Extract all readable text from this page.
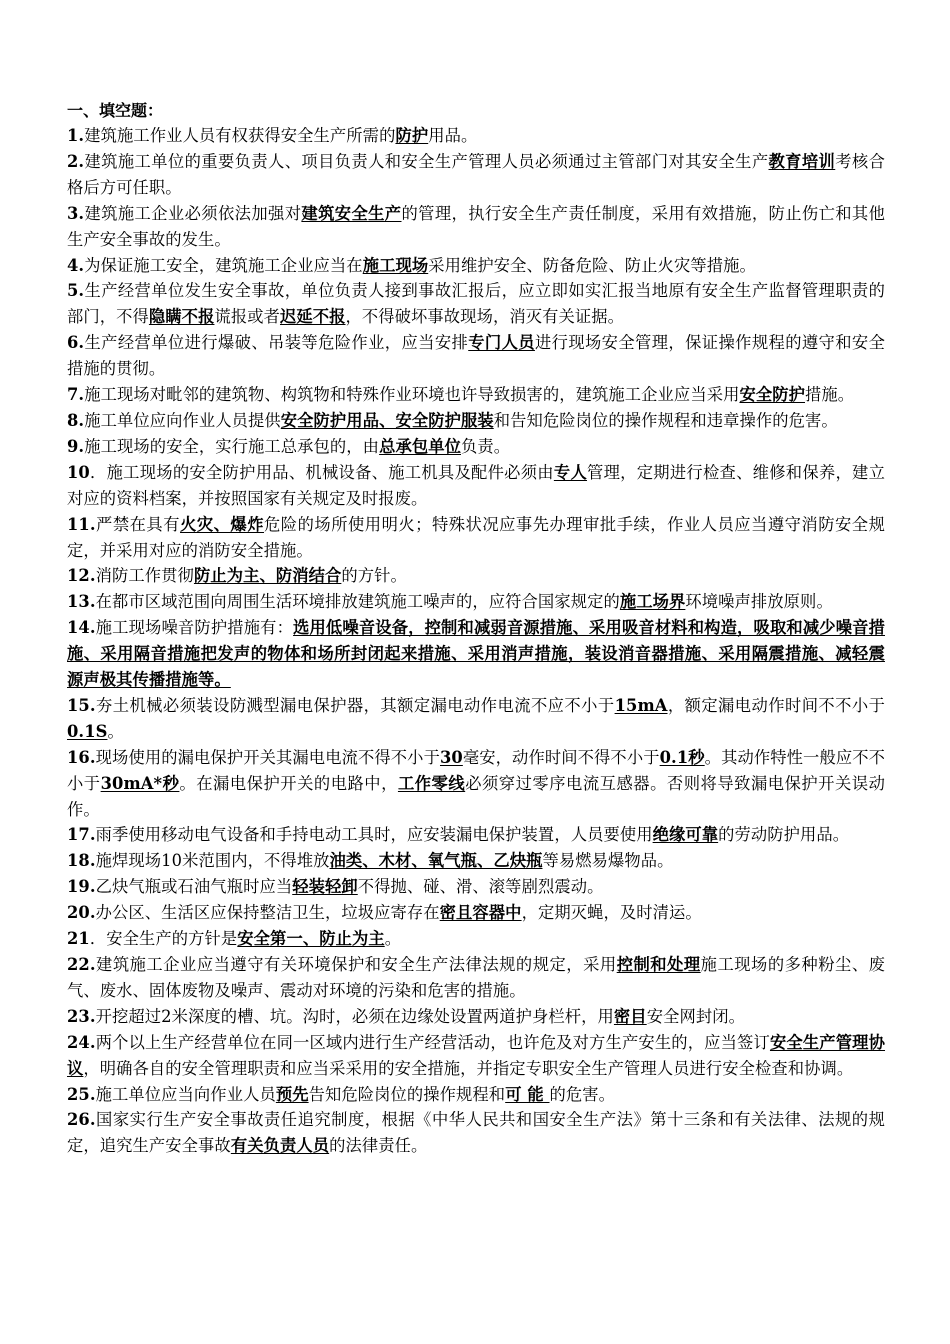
一、填空题：
1.建筑施工作业人员有权获得安全生产所需的防护用品。
2.建筑施工单位的重要负责人、项目负责人和安全生产管理人员必须通过主管部门对其安全生产教育培训考核合格后方可任职。
3.建筑施工企业必须依法加强对建筑安全生产的管理，执行安全生产责任制度，采用有效措施，防止伤亡和其他生产安全事故的发生。
4.为保证施工安全，建筑施工企业应当在施工现场采用维护安全、防备危险、防止火灾等措施。
5.生产经营单位发生安全事故，单位负责人接到事故汇报后，应立即如实汇报当地原有安全生产监督管理职责的部门，不得隐瞒不报谎报或者迟延不报，不得破坏事故现场，消灭有关证据。
6.生产经营单位进行爆破、吊装等危险作业，应当安排专门人员进行现场安全管理，保证操作规程的遵守和安全措施的贯彻。
7.施工现场对毗邻的建筑物、构筑物和特殊作业环境也许导致损害的，建筑施工企业应当采用安全防护措施。
8.施工单位应向作业人员提供安全防护用品、安全防护服装和告知危险岗位的操作规程和违章操作的危害。
9.施工现场的安全，实行施工总承包的，由总承包单位负责。
10．施工现场的安全防护用品、机械设备、施工机具及配件必须由专人管理，定期进行检查、维修和保养，建立对应的资料档案，并按照国家有关规定及时报废。
11.严禁在具有火灾、爆炸危险的场所使用明火；特殊状况应事先办理审批手续，作业人员应当遵守消防安全规定，并采用对应的消防安全措施。
12.消防工作贯彻防止为主、防消结合的方针。
13.在都市区域范围向周围生活环境排放建筑施工噪声的，应符合国家规定的施工场界环境噪声排放原则。
14.施工现场噪音防护措施有：选用低噪音设备，控制和减弱音源措施、采用吸音材料和构造，吸取和减少噪音措施、采用隔音措施把发声的物体和场所封闭起来措施、采用消声措施，装设消音器措施、采用隔震措施、减轻震源声极其传播措施等。
15.夯土机械必须装设防溅型漏电保护器，其额定漏电动作电流不应不小于15mA，额定漏电动作时间不不小于0.1S。
16.现场使用的漏电保护开关其漏电电流不得不小于30毫安，动作时间不得不小于0.1秒。其动作特性一般应不不小于30mA*秒。在漏电保护开关的电路中，工作零线必须穿过零序电流互感器。否则将导致漏电保护开关误动作。
17.雨季使用移动电气设备和手持电动工具时，应安装漏电保护装置，人员要使用绝缘可靠的劳动防护用品。
18.施焊现场10米范围内，不得堆放油类、木材、氧气瓶、乙炔瓶等易燃易爆物品。
19.乙炔气瓶或石油气瓶时应当轻装轻卸不得抛、碰、滑、滚等剧烈震动。
20.办公区、生活区应保持整洁卫生，垃圾应寄存在密且容器中，定期灭蝇，及时清运。
21．安全生产的方针是安全第一、防止为主。
22.建筑施工企业应当遵守有关环境保护和安全生产法律法规的规定，采用控制和处理施工现场的多种粉尘、废气、废水、固体废物及噪声、震动对环境的污染和危害的措施。
23.开挖超过2米深度的槽、坑。沟时，必须在边缘处设置两道护身栏杆，用密目安全网封闭。
24.两个以上生产经营单位在同一区域内进行生产经营活动，也许危及对方生产安生的，应当签订安全生产管理协议，明确各自的安全管理职责和应当采采用的安全措施，并指定专职安全生产管理人员进行安全检查和协调。
25.施工单位应当向作业人员预先告知危险岗位的操作规程和可 能 的危害。
26.国家实行生产安全事故责任追究制度，根据《中华人民共和国安全生产法》第十三条和有关法律、法规的规定，追究生产安全事故有关负责人员的法律责任。
